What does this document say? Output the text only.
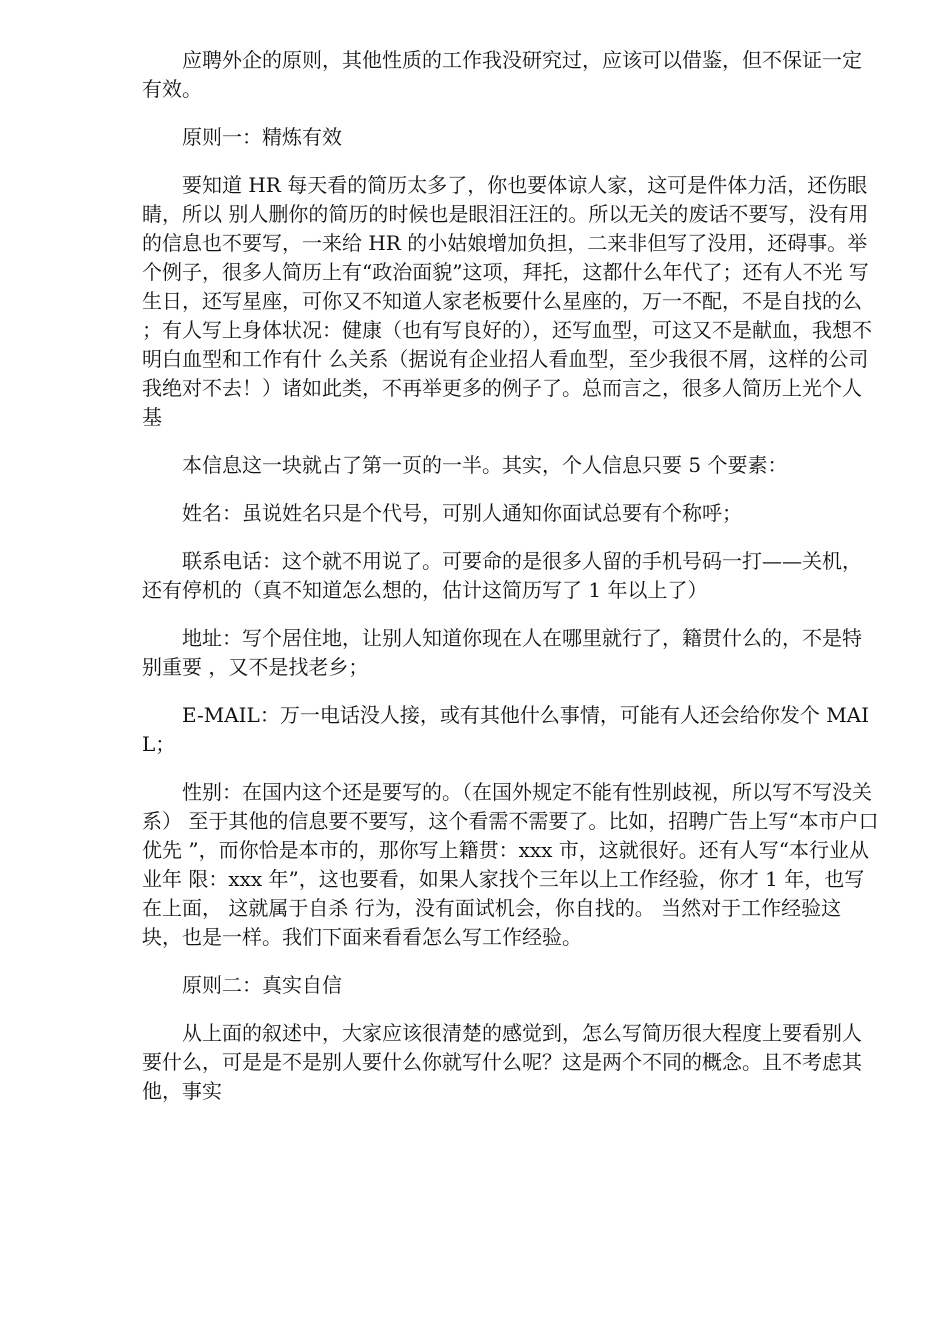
应聘外企的原则，其他性质的工作我没研究过，应该可以借鉴，但不保证一定有效。

原则一：精炼有效

要知道 HR 每天看的简历太多了，你也要体谅人家，这可是件体力活，还伤眼睛，所以 别人删你的简历的时候也是眼泪汪汪的。所以无关的废话不要写，没有用的信息也不要写，一来给 HR 的小姑娘增加负担，二来非但写了没用，还碍事。举个例子，很多人简历上有“政治面貌”这项，拜托，这都什么年代了；还有人不光 写生日，还写星座，可你又不知道人家老板要什么星座的，万一不配，不是自找的么 ；有人写上身体状况：健康（也有写良好的），还写血型，可这又不是献血，我想不 明白血型和工作有什 么关系（据说有企业招人看血型，至少我很不屑，这样的公司 我绝对不去！）诸如此类，不再举更多的例子了。总而言之，很多人简历上光个人基

本信息这一块就占了第一页的一半。其实，个人信息只要 5 个要素：

姓名：虽说姓名只是个代号，可别人通知你面试总要有个称呼；

联系电话：这个就不用说了。可要命的是很多人留的手机号码一打——关机，还有停机的（真不知道怎么想的，估计这简历写了 1 年以上了）

地址：写个居住地，让别人知道你现在人在哪里就行了，籍贯什么的，不是特别重要 ，又不是找老乡；

E-MAIL：万一电话没人接，或有其他什么事情，可能有人还会给你发个 MAIL；

性别：在国内这个还是要写的。（在国外规定不能有性别歧视，所以写不写没关系） 至于其他的信息要不要写，这个看需不需要了。比如，招聘广告上写“本市户口优先 ”，而你恰是本市的，那你写上籍贯：xxx 市，这就很好。还有人写“本行业从业年 限：xxx 年”，这也要看，如果人家找个三年以上工作经验，你才 1 年，也写在上面， 这就属于自杀 行为，没有面试机会，你自找的。 当然对于工作经验这块，也是一样。我们下面来看看怎么写工作经验。

原则二：真实自信

从上面的叙述中，大家应该很清楚的感觉到，怎么写简历很大程度上要看别人要什么，可是是不是别人要什么你就写什么呢？这是两个不同的概念。且不考虑其他，事实
